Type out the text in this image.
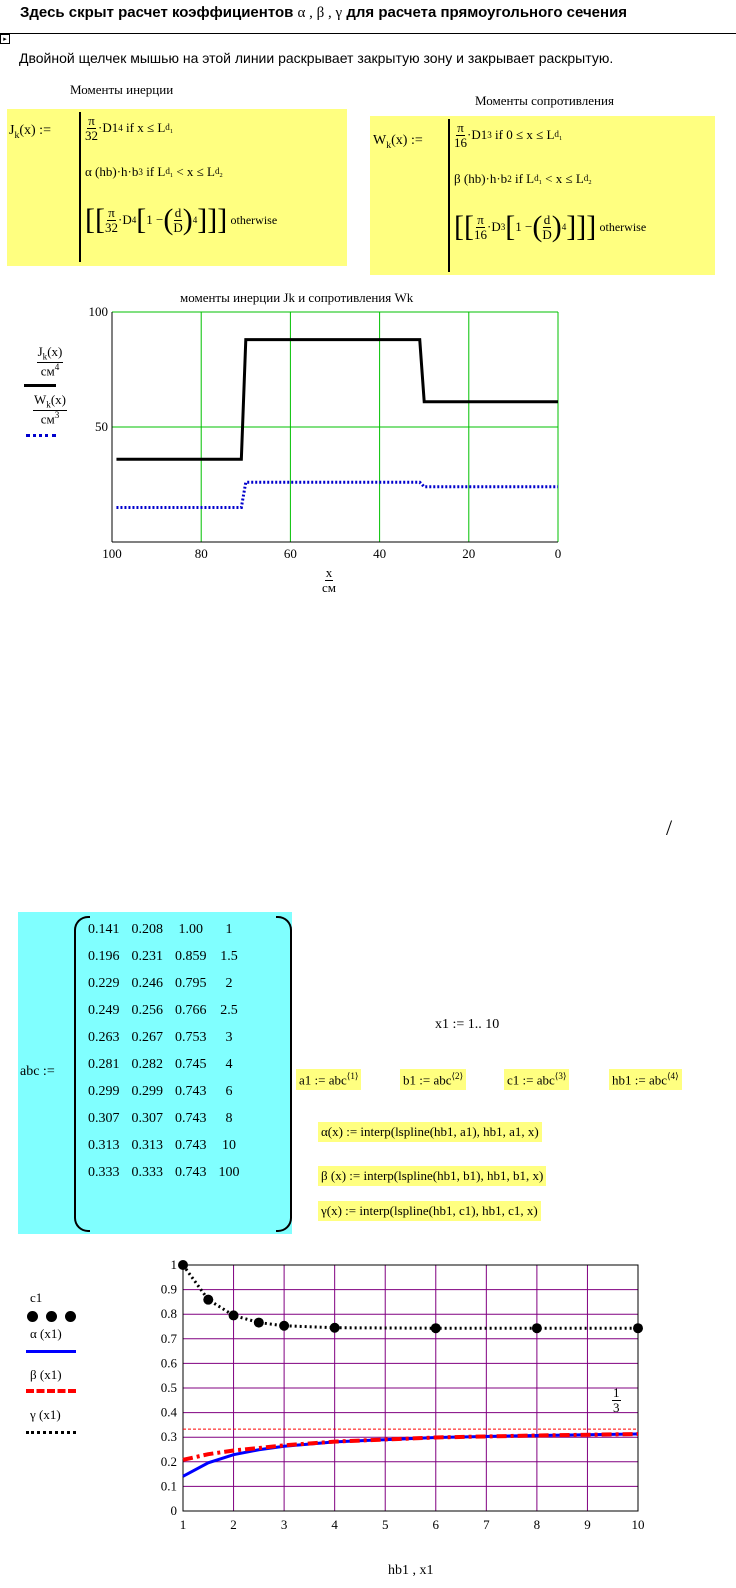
Здесь скрыт расчет коэффициентов α , β , γ для расчета прямоугольного сечения
▸
Двойной щелчек мышью на этой линии раскрывает закрытую зону и закрывает раскрытую.
Моменты инерции
$J_k(x)$ :=	$\frac{\pi}{32} \cdot D1$ 4
if x ≤ L $d_1$
α (hb)·h·b 3
if L $d_1$
< x ≤ L $d_2$
[[ $\frac{\pi}{32} \cdot D$ 4 [ 1 − ( $\frac{d}{D}$ ) 4 ]]]
otherwise
Моменты сопротивления
$W_k(x)$ := $\frac{\pi}{16} \cdot D1$ 3
if 0 ≤ x ≤ L $d_1$
β (hb)·h·b 2
if L $d_1$
< x ≤ L $d_2$
[[ $\frac{\pi}{16} \cdot D$ 3 [ 1 − ( $\frac{d}{D}$ ) 4 ]]]
otherwise
моменты инерции Jk и сопротивления Wk
$\frac{J_k(x)}{см^4}$
$\frac{W_k(x)}{см^3}$
100	80	60	40	20	0
50
100
$\frac{x}{см}$
/
abc :=
0.141	0.208	1.00	1
0.196	0.231	0.859	1.5
0.229	0.246	0.795	2
0.249	0.256	0.766	2.5
0.263	0.267	0.753	3
0.281	0.282	0.745	4
0.299	0.299	0.743	6
0.307	0.307	0.743	8
0.313	0.313	0.743	10
0.333	0.333	0.743	100
x1 := 1.. 10
a1 := abc$^{⟨1⟩}$	b1 := abc$^{⟨2⟩}$	c1 := abc$^{⟨3⟩}$	hb1 := abc$^{⟨4⟩}$
α(x) := interp(lspline(hb1, a1), hb1, a1, x)
β (x) := interp(lspline(hb1, b1), hb1, b1, x)
γ(x) := interp(lspline(hb1, c1), hb1, c1, x)
c1
α (x1)
β (x1)
γ (x1)
1	2	3	4	5	6	7	8	9	10
0
0.1
0.2
0.3
0.4
0.5
0.6
0.7
0.8
0.9
1
$\frac{1}{3}$
hb1 , x1
